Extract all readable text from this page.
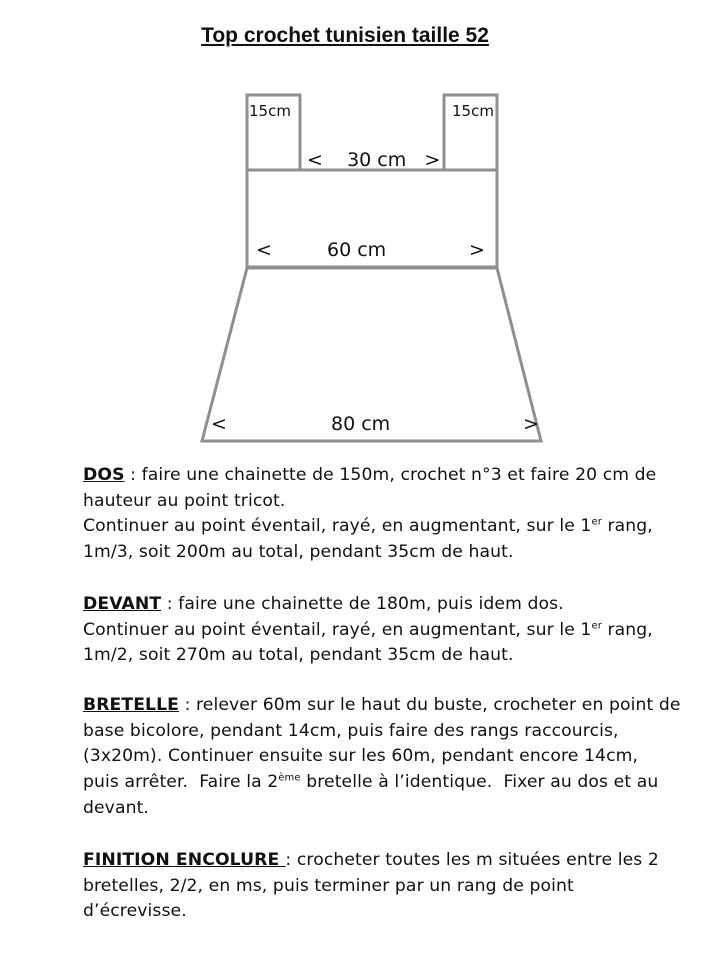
Top crochet tunisien taille 52
15cm	15cm
<    30 cm   >
<	60 cm	>
<	80 cm	>

DOS : faire une chainette de 150m, crochet n°3 et faire 20 cm de

hauteur au point tricot.

Continuer au point éventail, rayé, en augmentant, sur le 1er rang,

1m/3, soit 200m au total, pendant 35cm de haut.

DEVANT : faire une chainette de 180m, puis idem dos.

Continuer au point éventail, rayé, en augmentant, sur le 1er rang,

1m/2, soit 270m au total, pendant 35cm de haut.

BRETELLE : relever 60m sur le haut du buste, crocheter en point de

base bicolore, pendant 14cm, puis faire des rangs raccourcis,

(3x20m). Continuer ensuite sur les 60m, pendant encore 14cm,

puis arrêter.  Faire la 2ème bretelle à l’identique.  Fixer au dos et au

devant.

FINITION ENCOLURE : crocheter toutes les m situées entre les 2

bretelles, 2/2, en ms, puis terminer par un rang de point

d’écrevisse.
